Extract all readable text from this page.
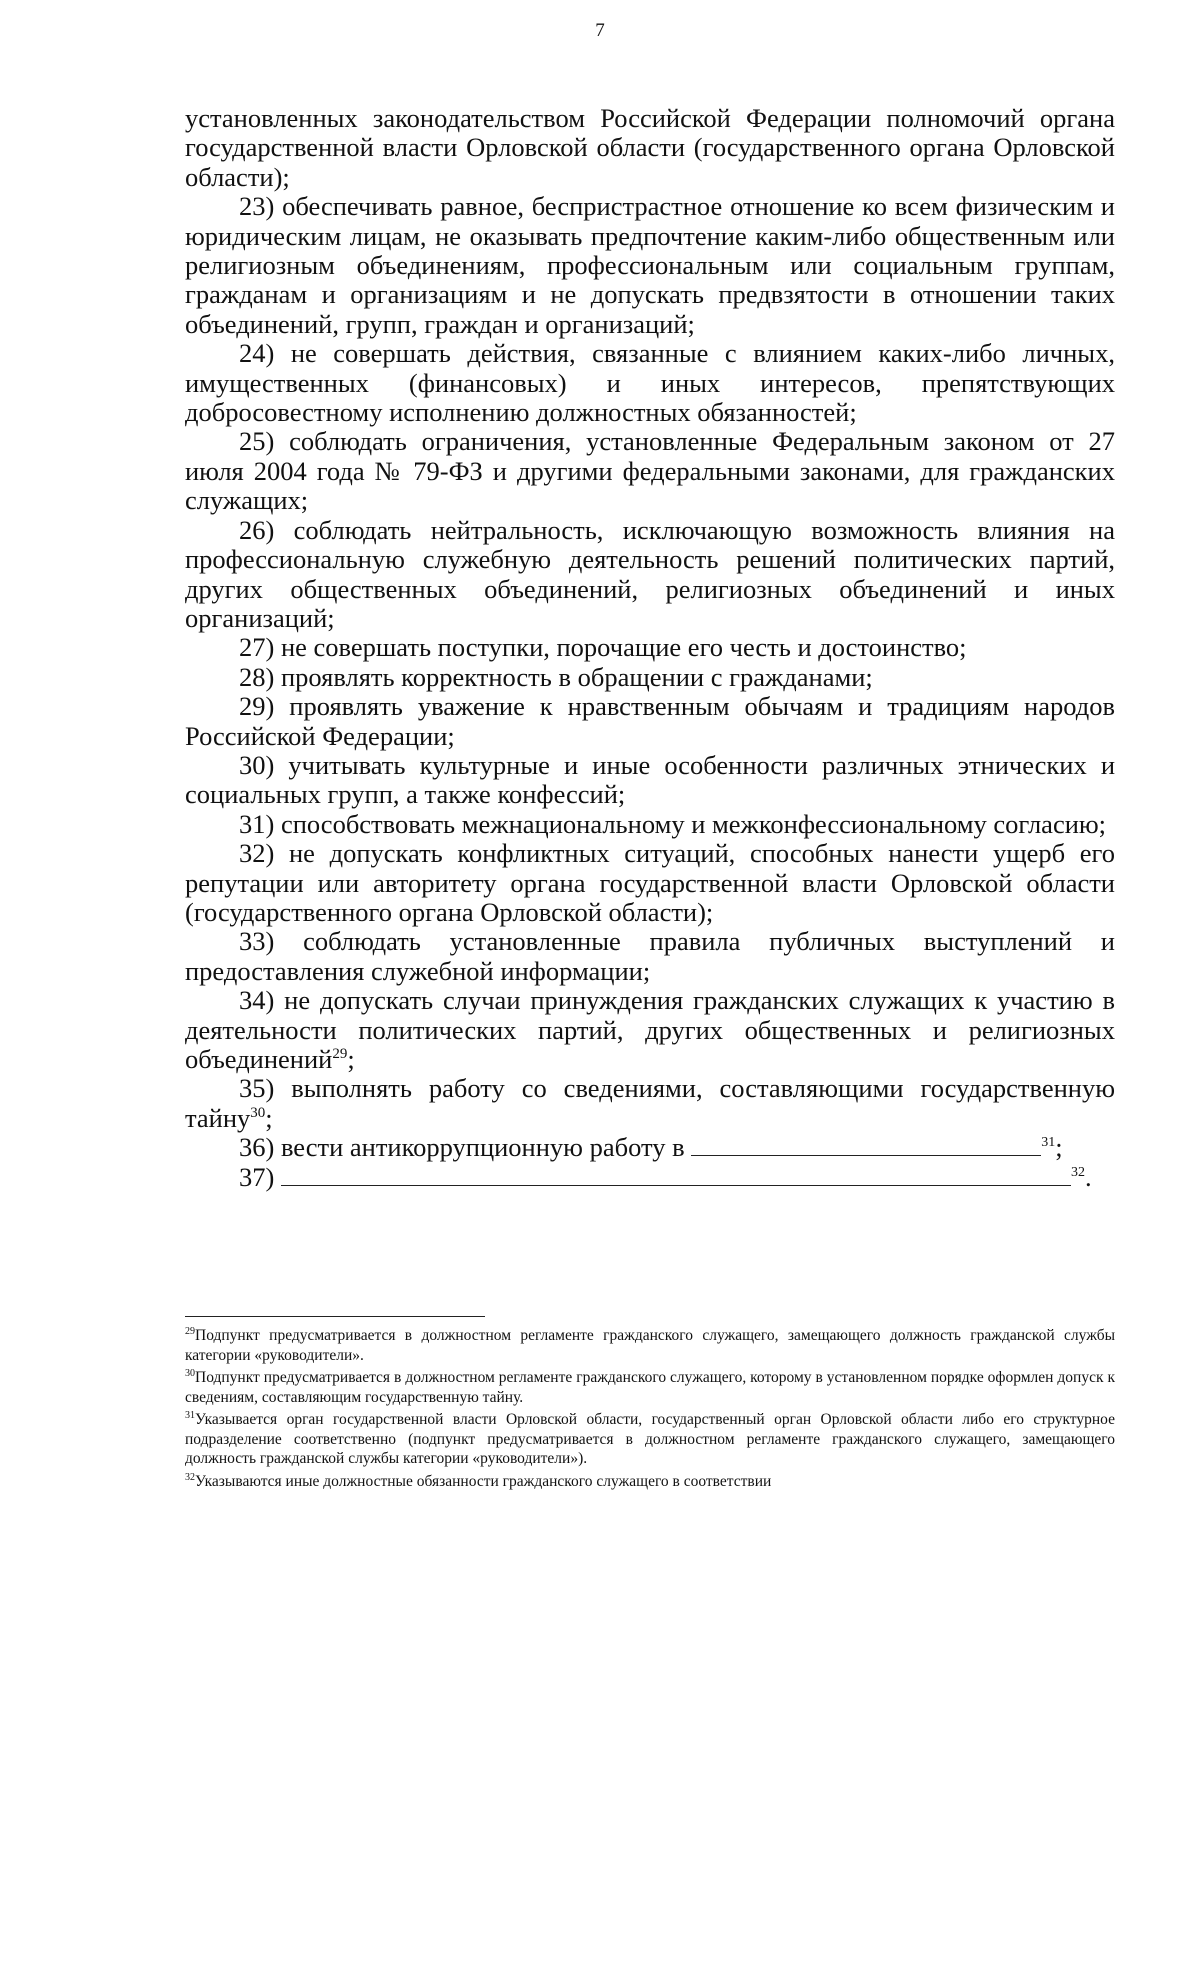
7

установленных законодательством Российской Федерации полномочий органа государственной власти Орловской области (государственного органа Орловской области);

23) обеспечивать равное, беспристрастное отношение ко всем физическим и юридическим лицам, не оказывать предпочтение каким-либо общественным или религиозным объединениям, профессиональным или социальным группам, гражданам и организациям и не допускать предвзятости в отношении таких объединений, групп, граждан и организаций;

24) не совершать действия, связанные с влиянием каких-либо личных, имущественных (финансовых) и иных интересов, препятствующих добросовестному исполнению должностных обязанностей;

25) соблюдать ограничения, установленные Федеральным законом от 27 июля 2004 года № 79-ФЗ и другими федеральными законами, для гражданских служащих;

26) соблюдать нейтральность, исключающую возможность влияния на профессиональную служебную деятельность решений политических партий, других общественных объединений, религиозных объединений и иных организаций;

27) не совершать поступки, порочащие его честь и достоинство;

28) проявлять корректность в обращении с гражданами;

29) проявлять уважение к нравственным обычаям и традициям народов Российской Федерации;

30) учитывать культурные и иные особенности различных этнических и социальных групп, а также конфессий;

31) способствовать межнациональному и межконфессиональному согласию;

32) не допускать конфликтных ситуаций, способных нанести ущерб его репутации или авторитету органа государственной власти Орловской области (государственного органа Орловской области);

33) соблюдать установленные правила публичных выступлений и предоставления служебной информации;

34) не допускать случаи принуждения гражданских служащих к участию в деятельности политических партий, других общественных и религиозных объединений$^{29}$;

35) выполнять работу со сведениями, составляющими государственную тайну$^{30}$;

36) вести антикоррупционную работу в	$^{31}$;

37)	$^{32}$.

$^{29}$Подпункт предусматривается в должностном регламенте гражданского служащего, замещающего должность гражданской службы категории «руководители».

$^{30}$Подпункт предусматривается в должностном регламенте гражданского служащего, которому в установленном порядке оформлен допуск к сведениям, составляющим государственную тайну.

$^{31}$Указывается орган государственной власти Орловской области, государственный орган Орловской области либо его структурное подразделение соответственно (подпункт предусматривается в должностном регламенте гражданского служащего, замещающего должность гражданской службы категории «руководители»).

$^{32}$Указываются иные должностные обязанности гражданского служащего в соответствии
